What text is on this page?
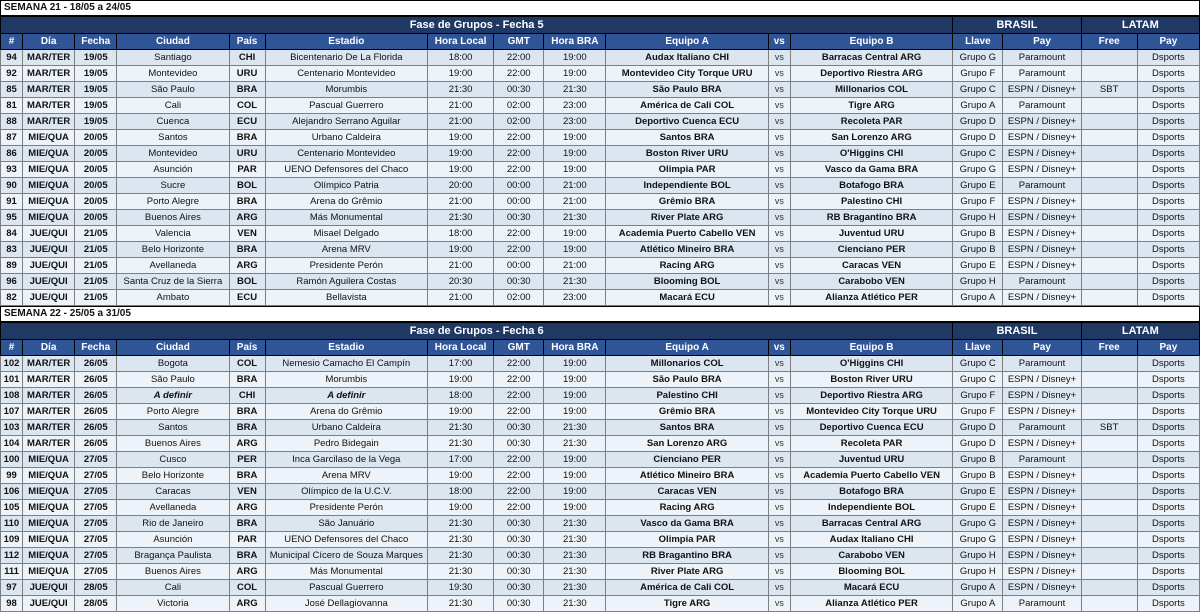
SEMANA 21 - 18/05 a 24/05
Fase de Grupos - Fecha 5												BRASIL		LATAM	
#	Día	Fecha	Ciudad	País	Estadio	Hora Local	GMT	Hora BRA	Equipo A	vs	Equipo B	Llave	Pay	Free	Pay
94	MAR/TER	19/05	Santiago	CHI	Bicentenario De La Florida	18:00	22:00	19:00	Audax Italiano CHI	vs	Barracas Central ARG	Grupo G	Paramount		Dsports
92	MAR/TER	19/05	Montevideo	URU	Centenario Montevideo	19:00	22:00	19:00	Montevideo City Torque URU	vs	Deportivo Riestra ARG	Grupo F	Paramount		Dsports
85	MAR/TER	19/05	São Paulo	BRA	Morumbis	21:30	00:30	21:30	São Paulo BRA	vs	Millonarios COL	Grupo C	ESPN / Disney+	SBT	Dsports
81	MAR/TER	19/05	Cali	COL	Pascual Guerrero	21:00	02:00	23:00	América de Cali COL	vs	Tigre ARG	Grupo A	Paramount		Dsports
88	MAR/TER	19/05	Cuenca	ECU	Alejandro Serrano Aguilar	21:00	02:00	23:00	Deportivo Cuenca ECU	vs	Recoleta PAR	Grupo D	ESPN / Disney+		Dsports
87	MIE/QUA	20/05	Santos	BRA	Urbano Caldeira	19:00	22:00	19:00	Santos BRA	vs	San Lorenzo ARG	Grupo D	ESPN / Disney+		Dsports
86	MIE/QUA	20/05	Montevideo	URU	Centenario Montevideo	19:00	22:00	19:00	Boston River URU	vs	O'Higgins CHI	Grupo C	ESPN / Disney+		Dsports
93	MIE/QUA	20/05	Asunción	PAR	UENO Defensores del Chaco	19:00	22:00	19:00	Olimpia PAR	vs	Vasco da Gama BRA	Grupo G	ESPN / Disney+		Dsports
90	MIE/QUA	20/05	Sucre	BOL	Olímpico Patria	20:00	00:00	21:00	Independiente BOL	vs	Botafogo BRA	Grupo E	Paramount		Dsports
91	MIE/QUA	20/05	Porto Alegre	BRA	Arena do Grêmio	21:00	00:00	21:00	Grêmio BRA	vs	Palestino CHI	Grupo F	ESPN / Disney+		Dsports
95	MIE/QUA	20/05	Buenos Aires	ARG	Más Monumental	21:30	00:30	21:30	River Plate ARG	vs	RB Bragantino BRA	Grupo H	ESPN / Disney+		Dsports
84	JUE/QUI	21/05	Valencia	VEN	Misael Delgado	18:00	22:00	19:00	Academia Puerto Cabello VEN	vs	Juventud URU	Grupo B	ESPN / Disney+		Dsports
83	JUE/QUI	21/05	Belo Horizonte	BRA	Arena MRV	19:00	22:00	19:00	Atlético Mineiro BRA	vs	Cienciano PER	Grupo B	ESPN / Disney+		Dsports
89	JUE/QUI	21/05	Avellaneda	ARG	Presidente Perón	21:00	00:00	21:00	Racing ARG	vs	Caracas VEN	Grupo E	ESPN / Disney+		Dsports
96	JUE/QUI	21/05	Santa Cruz de la Sierra	BOL	Ramón Aguilera Costas	20:30	00:30	21:30	Blooming BOL	vs	Carabobo VEN	Grupo H	Paramount		Dsports
82	JUE/QUI	21/05	Ambato	ECU	Bellavista	21:00	02:00	23:00	Macará ECU	vs	Alianza Atlético PER	Grupo A	ESPN / Disney+		Dsports
SEMANA 22 - 25/05 a 31/05
Fase de Grupos - Fecha 6												BRASIL		LATAM	
#	Día	Fecha	Ciudad	País	Estadio	Hora Local	GMT	Hora BRA	Equipo A	vs	Equipo B	Llave	Pay	Free	Pay
102	MAR/TER	26/05	Bogota	COL	Nemesio Camacho El Campín	17:00	22:00	19:00	Millonarios COL	vs	O'Higgins CHI	Grupo C	Paramount		Dsports
101	MAR/TER	26/05	São Paulo	BRA	Morumbis	19:00	22:00	19:00	São Paulo BRA	vs	Boston River URU	Grupo C	ESPN / Disney+		Dsports
108	MAR/TER	26/05	A definir	CHI	A definir	18:00	22:00	19:00	Palestino CHI	vs	Deportivo Riestra ARG	Grupo F	ESPN / Disney+		Dsports
107	MAR/TER	26/05	Porto Alegre	BRA	Arena do Grêmio	19:00	22:00	19:00	Grêmio BRA	vs	Montevideo City Torque URU	Grupo F	ESPN / Disney+		Dsports
103	MAR/TER	26/05	Santos	BRA	Urbano Caldeira	21:30	00:30	21:30	Santos BRA	vs	Deportivo Cuenca ECU	Grupo D	Paramount	SBT	Dsports
104	MAR/TER	26/05	Buenos Aires	ARG	Pedro Bidegain	21:30	00:30	21:30	San Lorenzo ARG	vs	Recoleta PAR	Grupo D	ESPN / Disney+		Dsports
100	MIE/QUA	27/05	Cusco	PER	Inca Garcilaso de la Vega	17:00	22:00	19:00	Cienciano PER	vs	Juventud URU	Grupo B	Paramount		Dsports
99	MIE/QUA	27/05	Belo Horizonte	BRA	Arena MRV	19:00	22:00	19:00	Atlético Mineiro BRA	vs	Academia Puerto Cabello VEN	Grupo B	ESPN / Disney+		Dsports
106	MIE/QUA	27/05	Caracas	VEN	Olímpico de la U.C.V.	18:00	22:00	19:00	Caracas VEN	vs	Botafogo BRA	Grupo E	ESPN / Disney+		Dsports
105	MIE/QUA	27/05	Avellaneda	ARG	Presidente Perón	19:00	22:00	19:00	Racing ARG	vs	Independiente BOL	Grupo E	ESPN / Disney+		Dsports
110	MIE/QUA	27/05	Rio de Janeiro	BRA	São Januário	21:30	00:30	21:30	Vasco da Gama BRA	vs	Barracas Central ARG	Grupo G	ESPN / Disney+		Dsports
109	MIE/QUA	27/05	Asunción	PAR	UENO Defensores del Chaco	21:30	00:30	21:30	Olimpia PAR	vs	Audax Italiano CHI	Grupo G	ESPN / Disney+		Dsports
112	MIE/QUA	27/05	Bragança Paulista	BRA	Municipal Cícero de Souza Marques	21:30	00:30	21:30	RB Bragantino BRA	vs	Carabobo VEN	Grupo H	ESPN / Disney+		Dsports
111	MIE/QUA	27/05	Buenos Aires	ARG	Más Monumental	21:30	00:30	21:30	River Plate ARG	vs	Blooming BOL	Grupo H	ESPN / Disney+		Dsports
97	JUE/QUI	28/05	Cali	COL	Pascual Guerrero	19:30	00:30	21:30	América de Cali COL	vs	Macará ECU	Grupo A	ESPN / Disney+		Dsports
98	JUE/QUI	28/05	Victoria	ARG	José Dellagiovanna	21:30	00:30	21:30	Tigre ARG	vs	Alianza Atlético PER	Grupo A	Paramount		Dsports
